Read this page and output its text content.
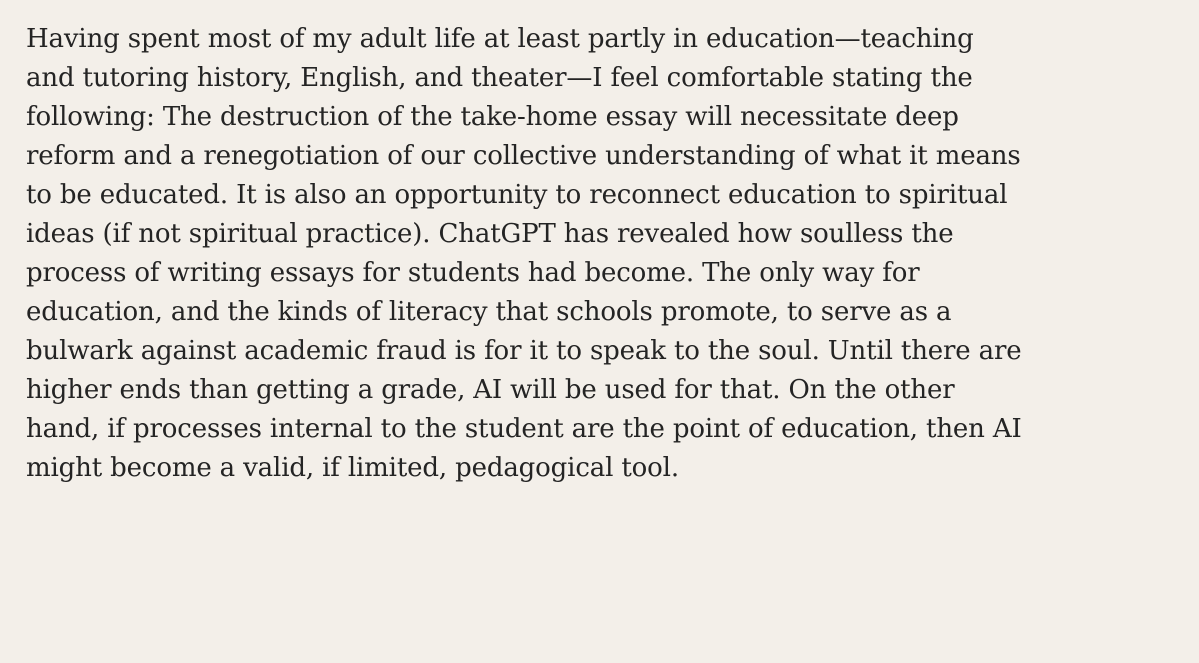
Having spent most of my adult life at least partly in education—teaching
and tutoring history, English, and theater—I feel comfortable stating the
following: The destruction of the take-home essay will necessitate deep
reform and a renegotiation of our collective understanding of what it means
to be educated. It is also an opportunity to reconnect education to spiritual
ideas (if not spiritual practice). ChatGPT has revealed how soulless the
process of writing essays for students had become. The only way for
education, and the kinds of literacy that schools promote, to serve as a
bulwark against academic fraud is for it to speak to the soul. Until there are
higher ends than getting a grade, AI will be used for that. On the other
hand, if processes internal to the student are the point of education, then AI
might become a valid, if limited, pedagogical tool.
